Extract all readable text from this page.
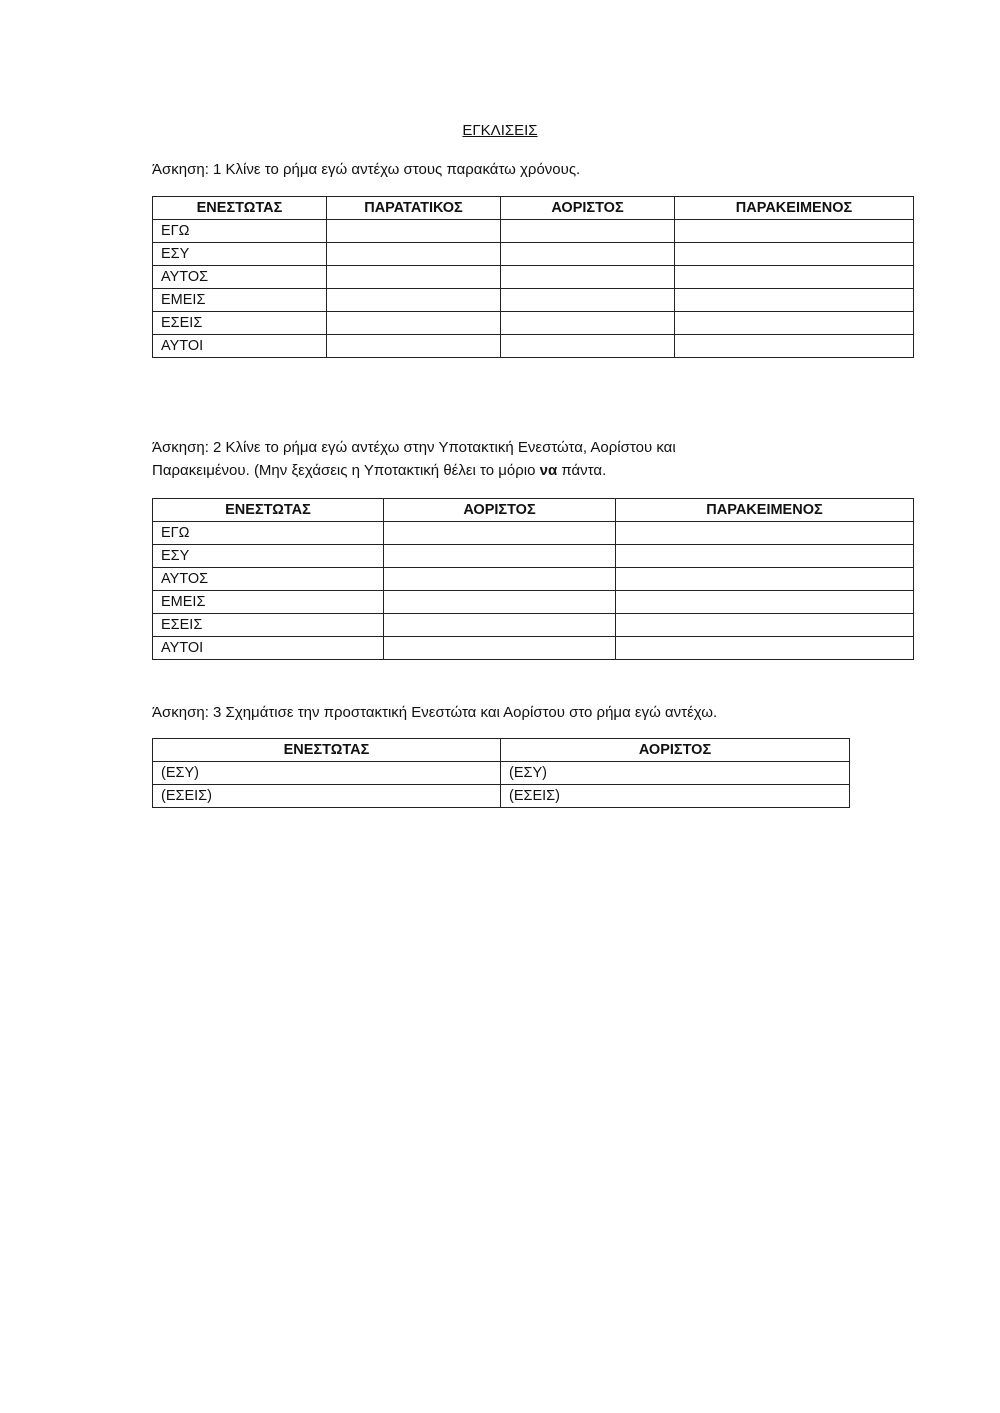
ΕΓΚΛΙΣΕΙΣ

Άσκηση: 1 Κλίνε το ρήμα εγώ αντέχω στους παρακάτω χρόνους.

ΕΝΕΣΤΩΤΑΣ	ΠΑΡΑΤΑΤΙΚΟΣ	ΑΟΡΙΣΤΟΣ	ΠΑΡΑΚΕΙΜΕΝΟΣ
ΕΓΩ			
ΕΣΥ			
ΑΥΤΟΣ			
ΕΜΕΙΣ			
ΕΣΕΙΣ			
ΑΥΤΟΙ			

Άσκηση: 2 Κλίνε το ρήμα εγώ αντέχω στην Υποτακτική Ενεστώτα, Αορίστου και

Παρακειμένου. (Μην ξεχάσεις η Υποτακτική θέλει το μόριο να πάντα.

ΕΝΕΣΤΩΤΑΣ	ΑΟΡΙΣΤΟΣ	ΠΑΡΑΚΕΙΜΕΝΟΣ
ΕΓΩ		
ΕΣΥ		
ΑΥΤΟΣ		
ΕΜΕΙΣ		
ΕΣΕΙΣ		
ΑΥΤΟΙ		

Άσκηση: 3 Σχημάτισε την προστακτική Ενεστώτα και Αορίστου στο ρήμα εγώ αντέχω.

ΕΝΕΣΤΩΤΑΣ	ΑΟΡΙΣΤΟΣ
(ΕΣΥ)	(ΕΣΥ)
(ΕΣΕΙΣ)	(ΕΣΕΙΣ)
